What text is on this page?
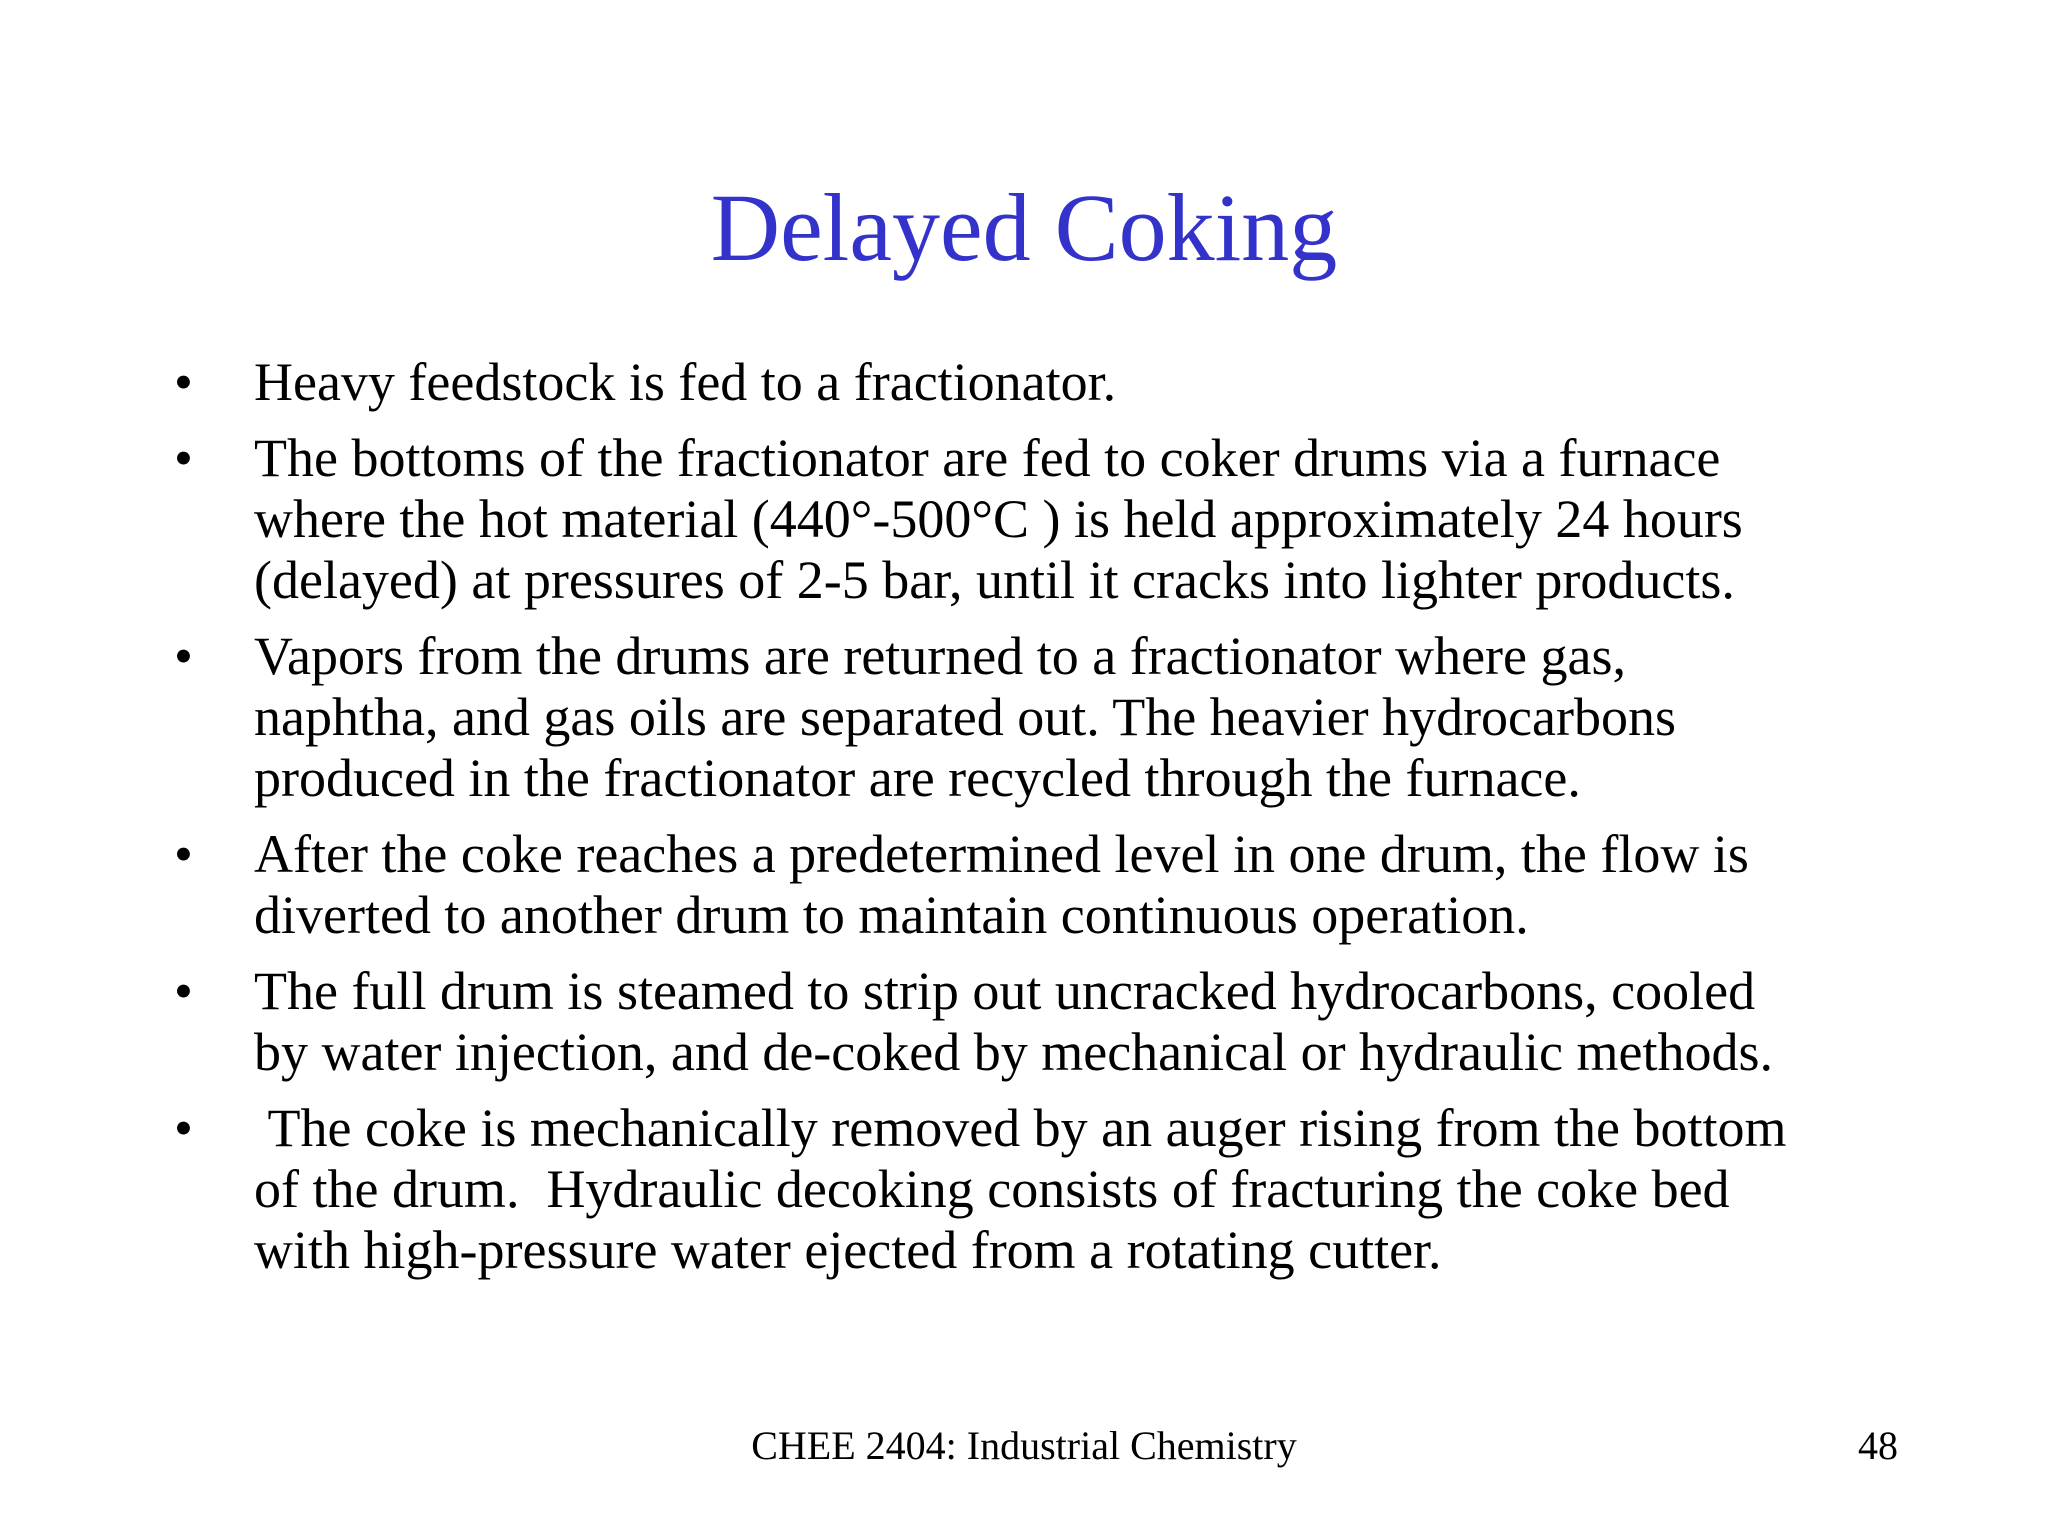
Delayed Coking
•	Heavy feedstock is fed to a fractionator.
•	The bottoms of the fractionator are fed to coker drums via a furnace
where the hot material (440°-500°C ) is held approximately 24 hours
(delayed) at pressures of 2-5 bar, until it cracks into lighter products.
•	Vapors from the drums are returned to a fractionator where gas,
naphtha, and gas oils are separated out. The heavier hydrocarbons
produced in the fractionator are recycled through the furnace.
•	After the coke reaches a predetermined level in one drum, the flow is
diverted to another drum to maintain continuous operation.
•	The full drum is steamed to strip out uncracked hydrocarbons, cooled
by water injection, and de-coked by mechanical or hydraulic methods.
•	The coke is mechanically removed by an auger rising from the bottom
of the drum.  Hydraulic decoking consists of fracturing the coke bed
with high-pressure water ejected from a rotating cutter.
CHEE 2404: Industrial Chemistry	48
